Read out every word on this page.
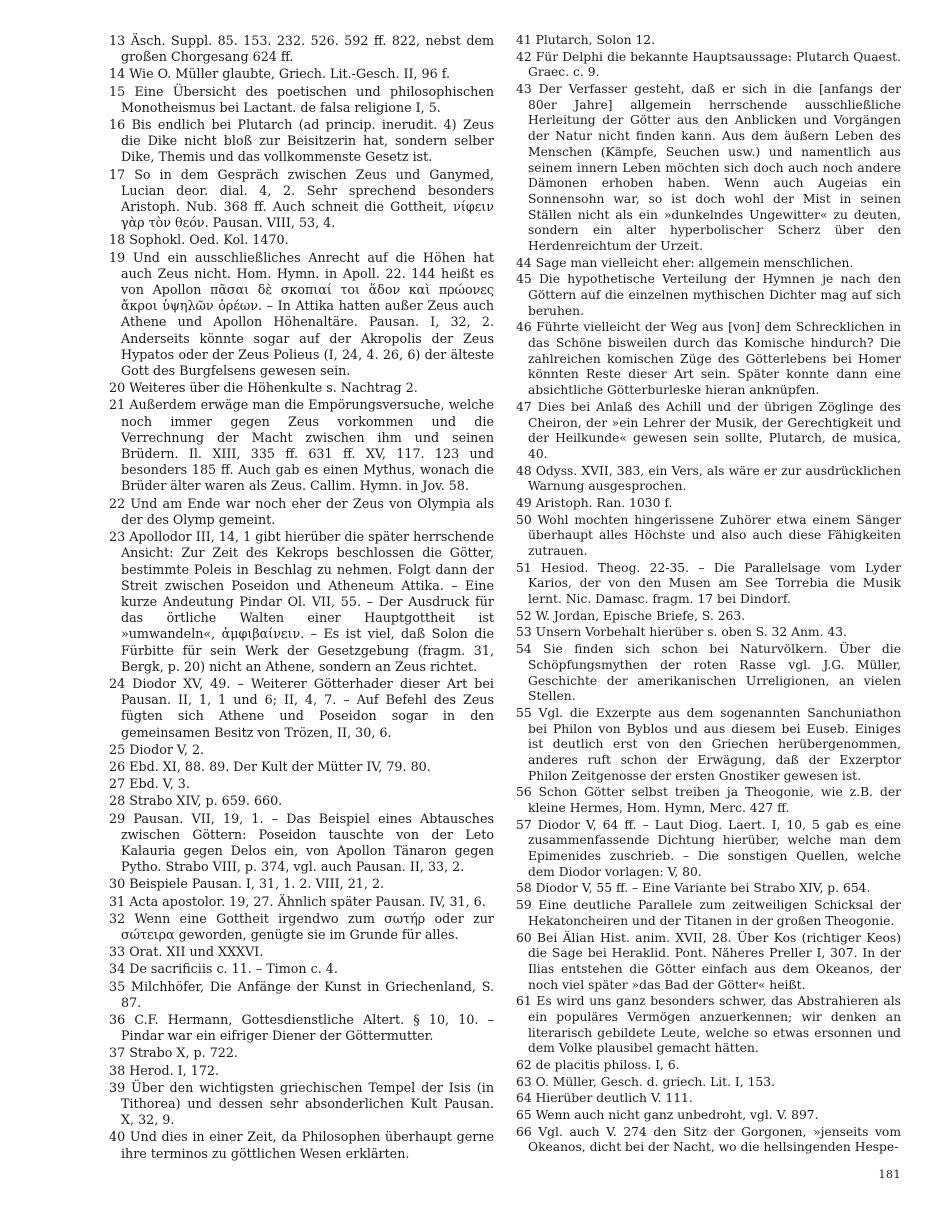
13 Äsch. Suppl. 85. 153. 232. 526. 592 ff. 822, nebst dem großen Chorgesang 624 ff.

14 Wie O. Müller glaubte, Griech. Lit.-Gesch. II, 96 f.

15 Eine Übersicht des poetischen und philosophischen Monotheismus bei Lactant. de falsa religione I, 5.

16 Bis endlich bei Plutarch (ad princip. inerudit. 4) Zeus die Dike nicht bloß zur Beisitzerin hat, sondern selber Dike, Themis und das vollkommenste Gesetz ist.

17 So in dem Gespräch zwischen Zeus und Ganymed, Lucian deor. dial. 4, 2. Sehr sprechend besonders Aristoph. Nub. 368 ff. Auch schneit die Gottheit, νίφειν γὰρ τὸν θεόν. Pausan. VIII, 53, 4.

18 Sophokl. Oed. Kol. 1470.

19 Und ein ausschließliches Anrecht auf die Höhen hat auch Zeus nicht. Hom. Hymn. in Apoll. 22. 144 heißt es von Apollon πᾶσαι δὲ σκοπιαί τοι ἅδον καὶ πρώονες ἄκροι ὑψηλῶν ὀρέων. – In Attika hatten außer Zeus auch Athene und Apollon Höhenaltäre. Pausan. I, 32, 2. Anderseits könnte sogar auf der Akropolis der Zeus Hypatos oder der Zeus Polieus (I, 24, 4. 26, 6) der älteste Gott des Burgfelsens gewesen sein.

20 Weiteres über die Höhenkulte s. Nachtrag 2.

21 Außerdem erwäge man die Empörungsversuche, welche noch immer gegen Zeus vorkommen und die Verrechnung der Macht zwischen ihm und seinen Brüdern. Il. XIII, 335 ff. 631 ff. XV, 117. 123 und besonders 185 ff. Auch gab es einen Mythus, wonach die Brüder älter waren als Zeus. Callim. Hymn. in Jov. 58.

22 Und am Ende war noch eher der Zeus von Olympia als der des Olymp gemeint.

23 Apollodor III, 14, 1 gibt hierüber die später herrschende Ansicht: Zur Zeit des Kekrops beschlossen die Götter, bestimmte Poleis in Beschlag zu nehmen. Folgt dann der Streit zwischen Poseidon und Atheneum Attika. – Eine kurze Andeutung Pindar Ol. VII, 55. – Der Ausdruck für das örtliche Walten einer Hauptgottheit ist »umwandeln«, ἀμφιβαίνειν. – Es ist viel, daß Solon die Fürbitte für sein Werk der Gesetzgebung (fragm. 31, Bergk, p. 20) nicht an Athene, sondern an Zeus richtet.

24 Diodor XV, 49. – Weiterer Götterhader dieser Art bei Pausan. II, 1, 1 und 6; II, 4, 7. – Auf Befehl des Zeus fügten sich Athene und Poseidon sogar in den gemeinsamen Besitz von Trözen, II, 30, 6.

25 Diodor V, 2.

26 Ebd. XI, 88. 89. Der Kult der Mütter IV, 79. 80.

27 Ebd. V, 3.

28 Strabo XIV, p. 659. 660.

29 Pausan. VII, 19, 1. – Das Beispiel eines Abtausches zwischen Göttern: Poseidon tauschte von der Leto Kalauria gegen Delos ein, von Apollon Tänaron gegen Pytho. Strabo VIII, p. 374, vgl. auch Pausan. II, 33, 2.

30 Beispiele Pausan. I, 31, 1. 2. VIII, 21, 2.

31 Acta apostolor. 19, 27. Ähnlich später Pausan. IV, 31, 6.

32 Wenn eine Gottheit irgendwo zum σωτήρ oder zur σώτειρα geworden, genügte sie im Grunde für alles.

33 Orat. XII und XXXVI.

34 De sacrificiis c. 11. – Timon c. 4.

35 Milchhöfer, Die Anfänge der Kunst in Griechenland, S. 87.

36 C.F. Hermann, Gottesdienstliche Altert. § 10, 10. – Pindar war ein eifriger Diener der Göttermutter.

37 Strabo X, p. 722.

38 Herod. I, 172.

39 Über den wichtigsten griechischen Tempel der Isis (in Tithorea) und dessen sehr absonderlichen Kult Pausan. X, 32, 9.

40 Und dies in einer Zeit, da Philosophen überhaupt gerne ihre terminos zu göttlichen Wesen erklärten.

41 Plutarch, Solon 12.

42 Für Delphi die bekannte Hauptsaussage: Plutarch Quaest. Graec. c. 9.

43 Der Verfasser gesteht, daß er sich in die [anfangs der 80er Jahre] allgemein herrschende ausschließliche Herleitung der Götter aus den Anblicken und Vorgängen der Natur nicht finden kann. Aus dem äußern Leben des Menschen (Kämpfe, Seuchen usw.) und namentlich aus seinem innern Leben möchten sich doch auch noch andere Dämonen erhoben haben. Wenn auch Augeias ein Sonnensohn war, so ist doch wohl der Mist in seinen Ställen nicht als ein »dunkelndes Ungewitter« zu deuten, sondern ein alter hyperbolischer Scherz über den Herdenreichtum der Urzeit.

44 Sage man vielleicht eher: allgemein menschlichen.

45 Die hypothetische Verteilung der Hymnen je nach den Göttern auf die einzelnen mythischen Dichter mag auf sich beruhen.

46 Führte vielleicht der Weg aus [von] dem Schrecklichen in das Schöne bisweilen durch das Komische hindurch? Die zahlreichen komischen Züge des Götterlebens bei Homer könnten Reste dieser Art sein. Später konnte dann eine absichtliche Götterburleske hieran anknüpfen.

47 Dies bei Anlaß des Achill und der übrigen Zöglinge des Cheiron, der »ein Lehrer der Musik, der Gerechtigkeit und der Heilkunde« gewesen sein sollte, Plutarch, de musica, 40.

48 Odyss. XVII, 383, ein Vers, als wäre er zur ausdrücklichen Warnung ausgesprochen.

49 Aristoph. Ran. 1030 f.

50 Wohl mochten hingerissene Zuhörer etwa einem Sänger überhaupt alles Höchste und also auch diese Fähigkeiten zutrauen.

51 Hesiod. Theog. 22-35. – Die Parallelsage vom Lyder Karios, der von den Musen am See Torrebia die Musik lernt. Nic. Damasc. fragm. 17 bei Dindorf.

52 W. Jordan, Epische Briefe, S. 263.

53 Unsern Vorbehalt hierüber s. oben S. 32 Anm. 43.

54 Sie finden sich schon bei Naturvölkern. Über die Schöpfungsmythen der roten Rasse vgl. J.G. Müller, Geschichte der amerikanischen Urreligionen, an vielen Stellen.

55 Vgl. die Exzerpte aus dem sogenannten Sanchuniathon bei Philon von Byblos und aus diesem bei Euseb. Einiges ist deutlich erst von den Griechen herübergenommen, anderes ruft schon der Erwägung, daß der Exzerptor Philon Zeitgenosse der ersten Gnostiker gewesen ist.

56 Schon Götter selbst treiben ja Theogonie, wie z.B. der kleine Hermes, Hom. Hymn, Merc. 427 ff.

57 Diodor V, 64 ff. – Laut Diog. Laert. I, 10, 5 gab es eine zusammenfassende Dichtung hierüber, welche man dem Epimenides zuschrieb. – Die sonstigen Quellen, welche dem Diodor vorlagen: V, 80.

58 Diodor V, 55 ff. – Eine Variante bei Strabo XIV, p. 654.

59 Eine deutliche Parallele zum zeitweiligen Schicksal der Hekatoncheiren und der Titanen in der großen Theogonie.

60 Bei Älian Hist. anim. XVII, 28. Über Kos (richtiger Keos) die Sage bei Heraklid. Pont. Näheres Preller I, 307. In der Ilias entstehen die Götter einfach aus dem Okeanos, der noch viel später »das Bad der Götter« heißt.

61 Es wird uns ganz besonders schwer, das Abstrahieren als ein populäres Vermögen anzuerkennen; wir denken an literarisch gebildete Leute, welche so etwas ersonnen und dem Volke plausibel gemacht hätten.

62 de placitis philoss. I, 6.

63 O. Müller, Gesch. d. griech. Lit. I, 153.

64 Hierüber deutlich V. 111.

65 Wenn auch nicht ganz unbedroht, vgl. V. 897.

66 Vgl. auch V. 274 den Sitz der Gorgonen, »jenseits vom Okeanos, dicht bei der Nacht, wo die hellsingenden Hespe-

181
